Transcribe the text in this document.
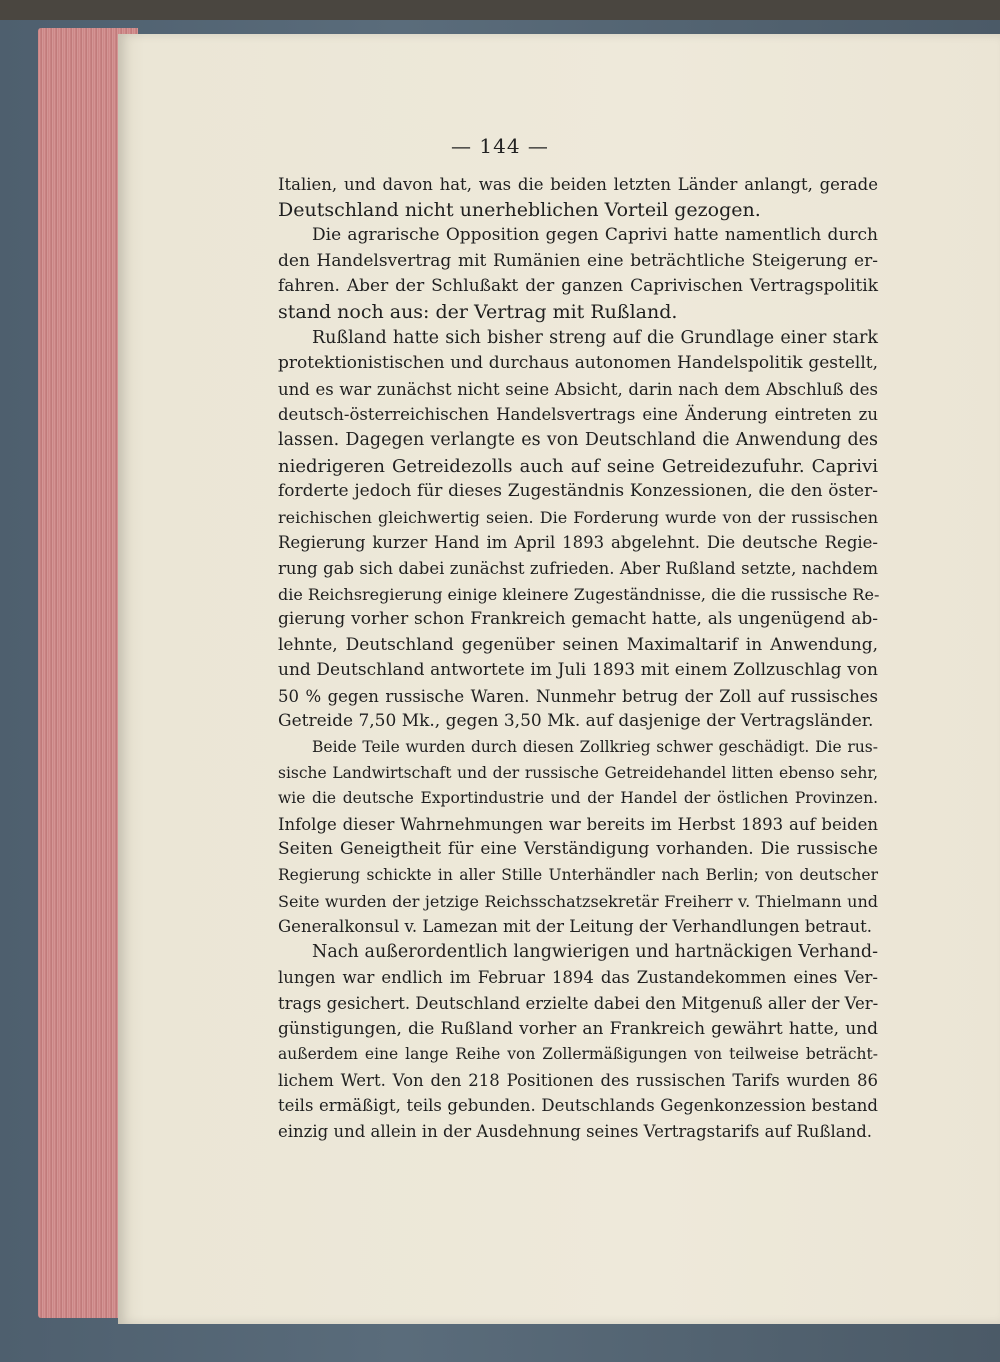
— 144 —
Italien, und davon hat, was die beiden letzten Länder anlangt, gerade
Deutschland nicht unerheblichen Vorteil gezogen.
Die agrarische Opposition gegen Caprivi hatte namentlich durch
den Handelsvertrag mit Rumänien eine beträchtliche Steigerung er-
fahren. Aber der Schlußakt der ganzen Caprivischen Vertragspolitik
stand noch aus: der Vertrag mit Rußland.
Rußland hatte sich bisher streng auf die Grundlage einer stark
protektionistischen und durchaus autonomen Handelspolitik gestellt,
und es war zunächst nicht seine Absicht, darin nach dem Abschluß des
deutsch-österreichischen Handelsvertrags eine Änderung eintreten zu
lassen. Dagegen verlangte es von Deutschland die Anwendung des
niedrigeren Getreidezolls auch auf seine Getreidezufuhr. Caprivi
forderte jedoch für dieses Zugeständnis Konzessionen, die den öster-
reichischen gleichwertig seien. Die Forderung wurde von der russischen
Regierung kurzer Hand im April 1893 abgelehnt. Die deutsche Regie-
rung gab sich dabei zunächst zufrieden. Aber Rußland setzte, nachdem
die Reichsregierung einige kleinere Zugeständnisse, die die russische Re-
gierung vorher schon Frankreich gemacht hatte, als ungenügend ab-
lehnte, Deutschland gegenüber seinen Maximaltarif in Anwendung,
und Deutschland antwortete im Juli 1893 mit einem Zollzuschlag von
50 % gegen russische Waren. Nunmehr betrug der Zoll auf russisches
Getreide 7,50 Mk., gegen 3,50 Mk. auf dasjenige der Vertragsländer.
Beide Teile wurden durch diesen Zollkrieg schwer geschädigt. Die rus-
sische Landwirtschaft und der russische Getreidehandel litten ebenso sehr,
wie die deutsche Exportindustrie und der Handel der östlichen Provinzen.
Infolge dieser Wahrnehmungen war bereits im Herbst 1893 auf beiden
Seiten Geneigtheit für eine Verständigung vorhanden. Die russische
Regierung schickte in aller Stille Unterhändler nach Berlin; von deutscher
Seite wurden der jetzige Reichsschatzsekretär Freiherr v. Thielmann und
Generalkonsul v. Lamezan mit der Leitung der Verhandlungen betraut.
Nach außerordentlich langwierigen und hartnäckigen Verhand-
lungen war endlich im Februar 1894 das Zustandekommen eines Ver-
trags gesichert. Deutschland erzielte dabei den Mitgenuß aller der Ver-
günstigungen, die Rußland vorher an Frankreich gewährt hatte, und
außerdem eine lange Reihe von Zollermäßigungen von teilweise beträcht-
lichem Wert. Von den 218 Positionen des russischen Tarifs wurden 86
teils ermäßigt, teils gebunden. Deutschlands Gegenkonzession bestand
einzig und allein in der Ausdehnung seines Vertragstarifs auf Rußland.
